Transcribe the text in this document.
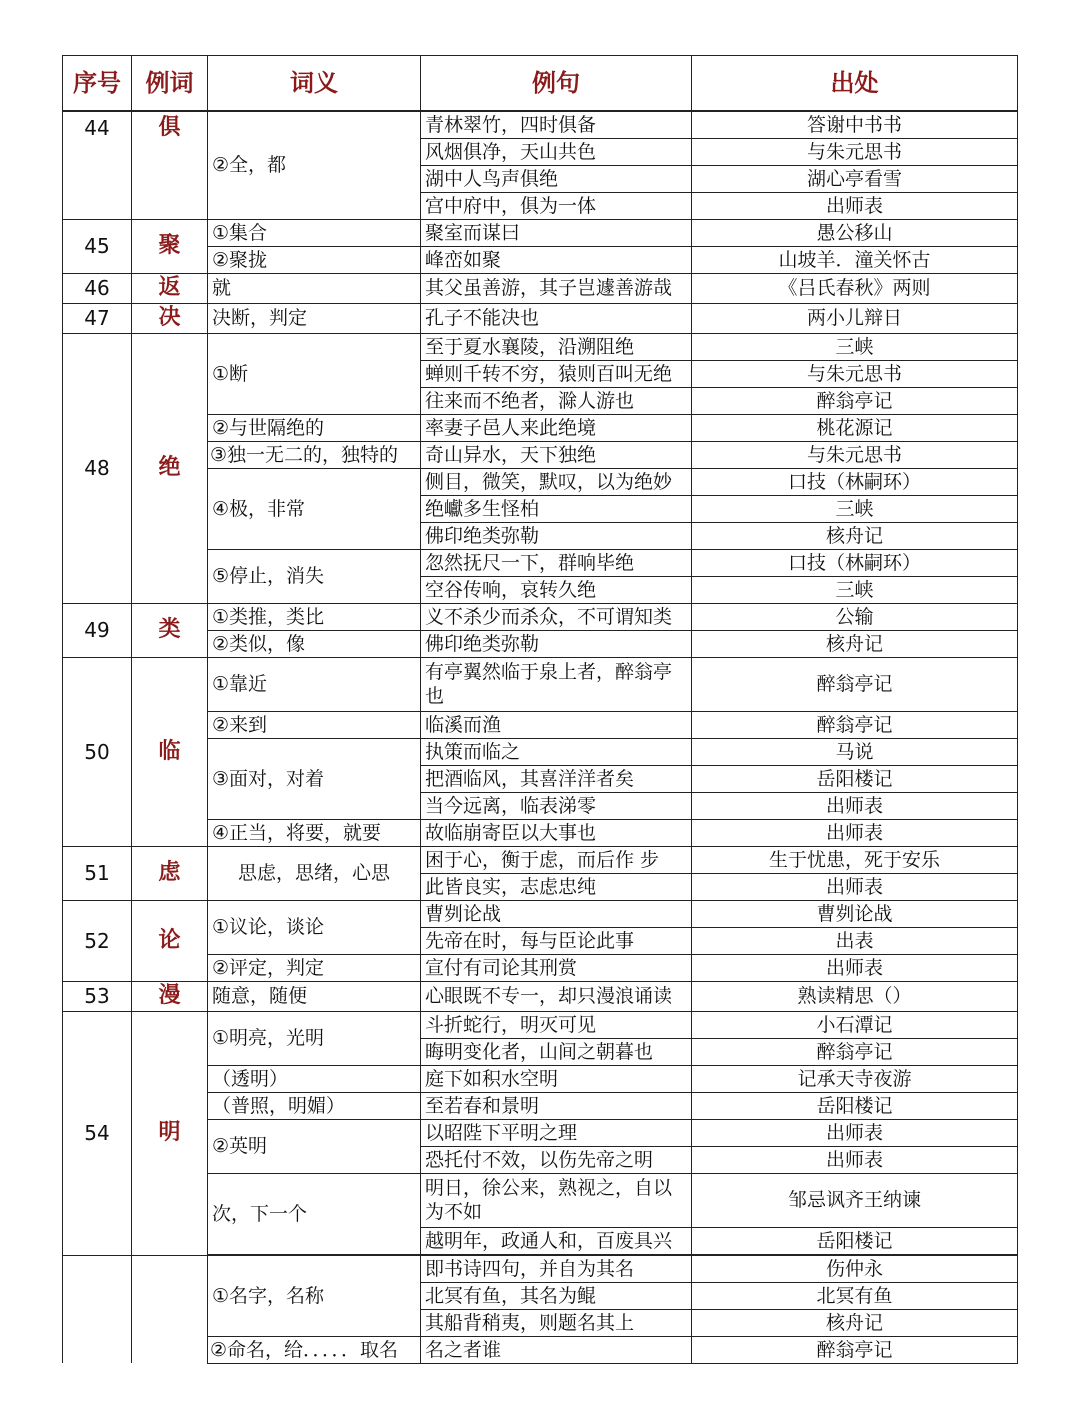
序号	例词	词义	例句	出处
44	俱	②全，都	青林翠竹，四时俱备	答谢中书书
			风烟俱净，天山共色	与朱元思书
			湖中人鸟声俱绝	湖心亭看雪
			宫中府中，俱为一体	出师表
45	聚	①集合	聚室而谋曰	愚公移山
		②聚拢	峰峦如聚	山坡羊．潼关怀古
46	返	就	其父虽善游，其子岂遽善游哉	《吕氏春秋》两则
47	决	决断，判定	孔子不能决也	两小儿辩日
48	绝	①断	至于夏水襄陵，沿溯阻绝	三峡
			蝉则千转不穷，猿则百叫无绝	与朱元思书
			往来而不绝者，滁人游也	醉翁亭记
		②与世隔绝的	率妻子邑人来此绝境	桃花源记
		③独一无二的，独特的	奇山异水，天下独绝	与朱元思书
		④极，非常	侧目，微笑，默叹，以为绝妙	口技（林嗣环）
			绝巘多生怪柏	三峡
			佛印绝类弥勒	核舟记
		⑤停止，消失	忽然抚尺一下，群响毕绝	口技（林嗣环）
			空谷传响，哀转久绝	三峡
49	类	①类推，类比	义不杀少而杀众，不可谓知类	公输
		②类似，像	佛印绝类弥勒	核舟记
50	临	①靠近	有亭翼然临于泉上者，醉翁亭也	醉翁亭记
		②来到	临溪而渔	醉翁亭记
		③面对，对着	执策而临之	马说
			把酒临风，其喜洋洋者矣	岳阳楼记
			当今远离，临表涕零	出师表
		④正当，将要，就要	故临崩寄臣以大事也	出师表
51	虑	思虑，思绪，心思	困于心，衡于虑，而后作 步	生于忧患，死于安乐
			此皆良实，志虑忠纯	出师表
52	论	①议论，谈论	曹刿论战	曹刿论战
			先帝在时，每与臣论此事	出表
		②评定，判定	宣付有司论其刑赏	出师表
53	漫	随意，随便	心眼既不专一，却只漫浪诵读	熟读精思（）
54	明	①明亮，光明	斗折蛇行，明灭可见	小石潭记
			晦明变化者，山间之朝暮也	醉翁亭记
		（透明）	庭下如积水空明	记承天寺夜游
		（普照，明媚）	至若春和景明	岳阳楼记
		②英明	以昭陛下平明之理	出师表
			恐托付不效，以伤先帝之明	出师表
		次，下一个	明日，徐公来，熟视之，自以为不如	邹忌讽齐王纳谏
			越明年，政通人和，百废具兴	岳阳楼记

		①名字，名称	即书诗四句，并自为其名	伤仲永
			北冥有鱼，其名为鲲	北冥有鱼
			其船背稍夷，则题名其上	核舟记
		②命名，给．．．．．取名	名之者谁	醉翁亭记
